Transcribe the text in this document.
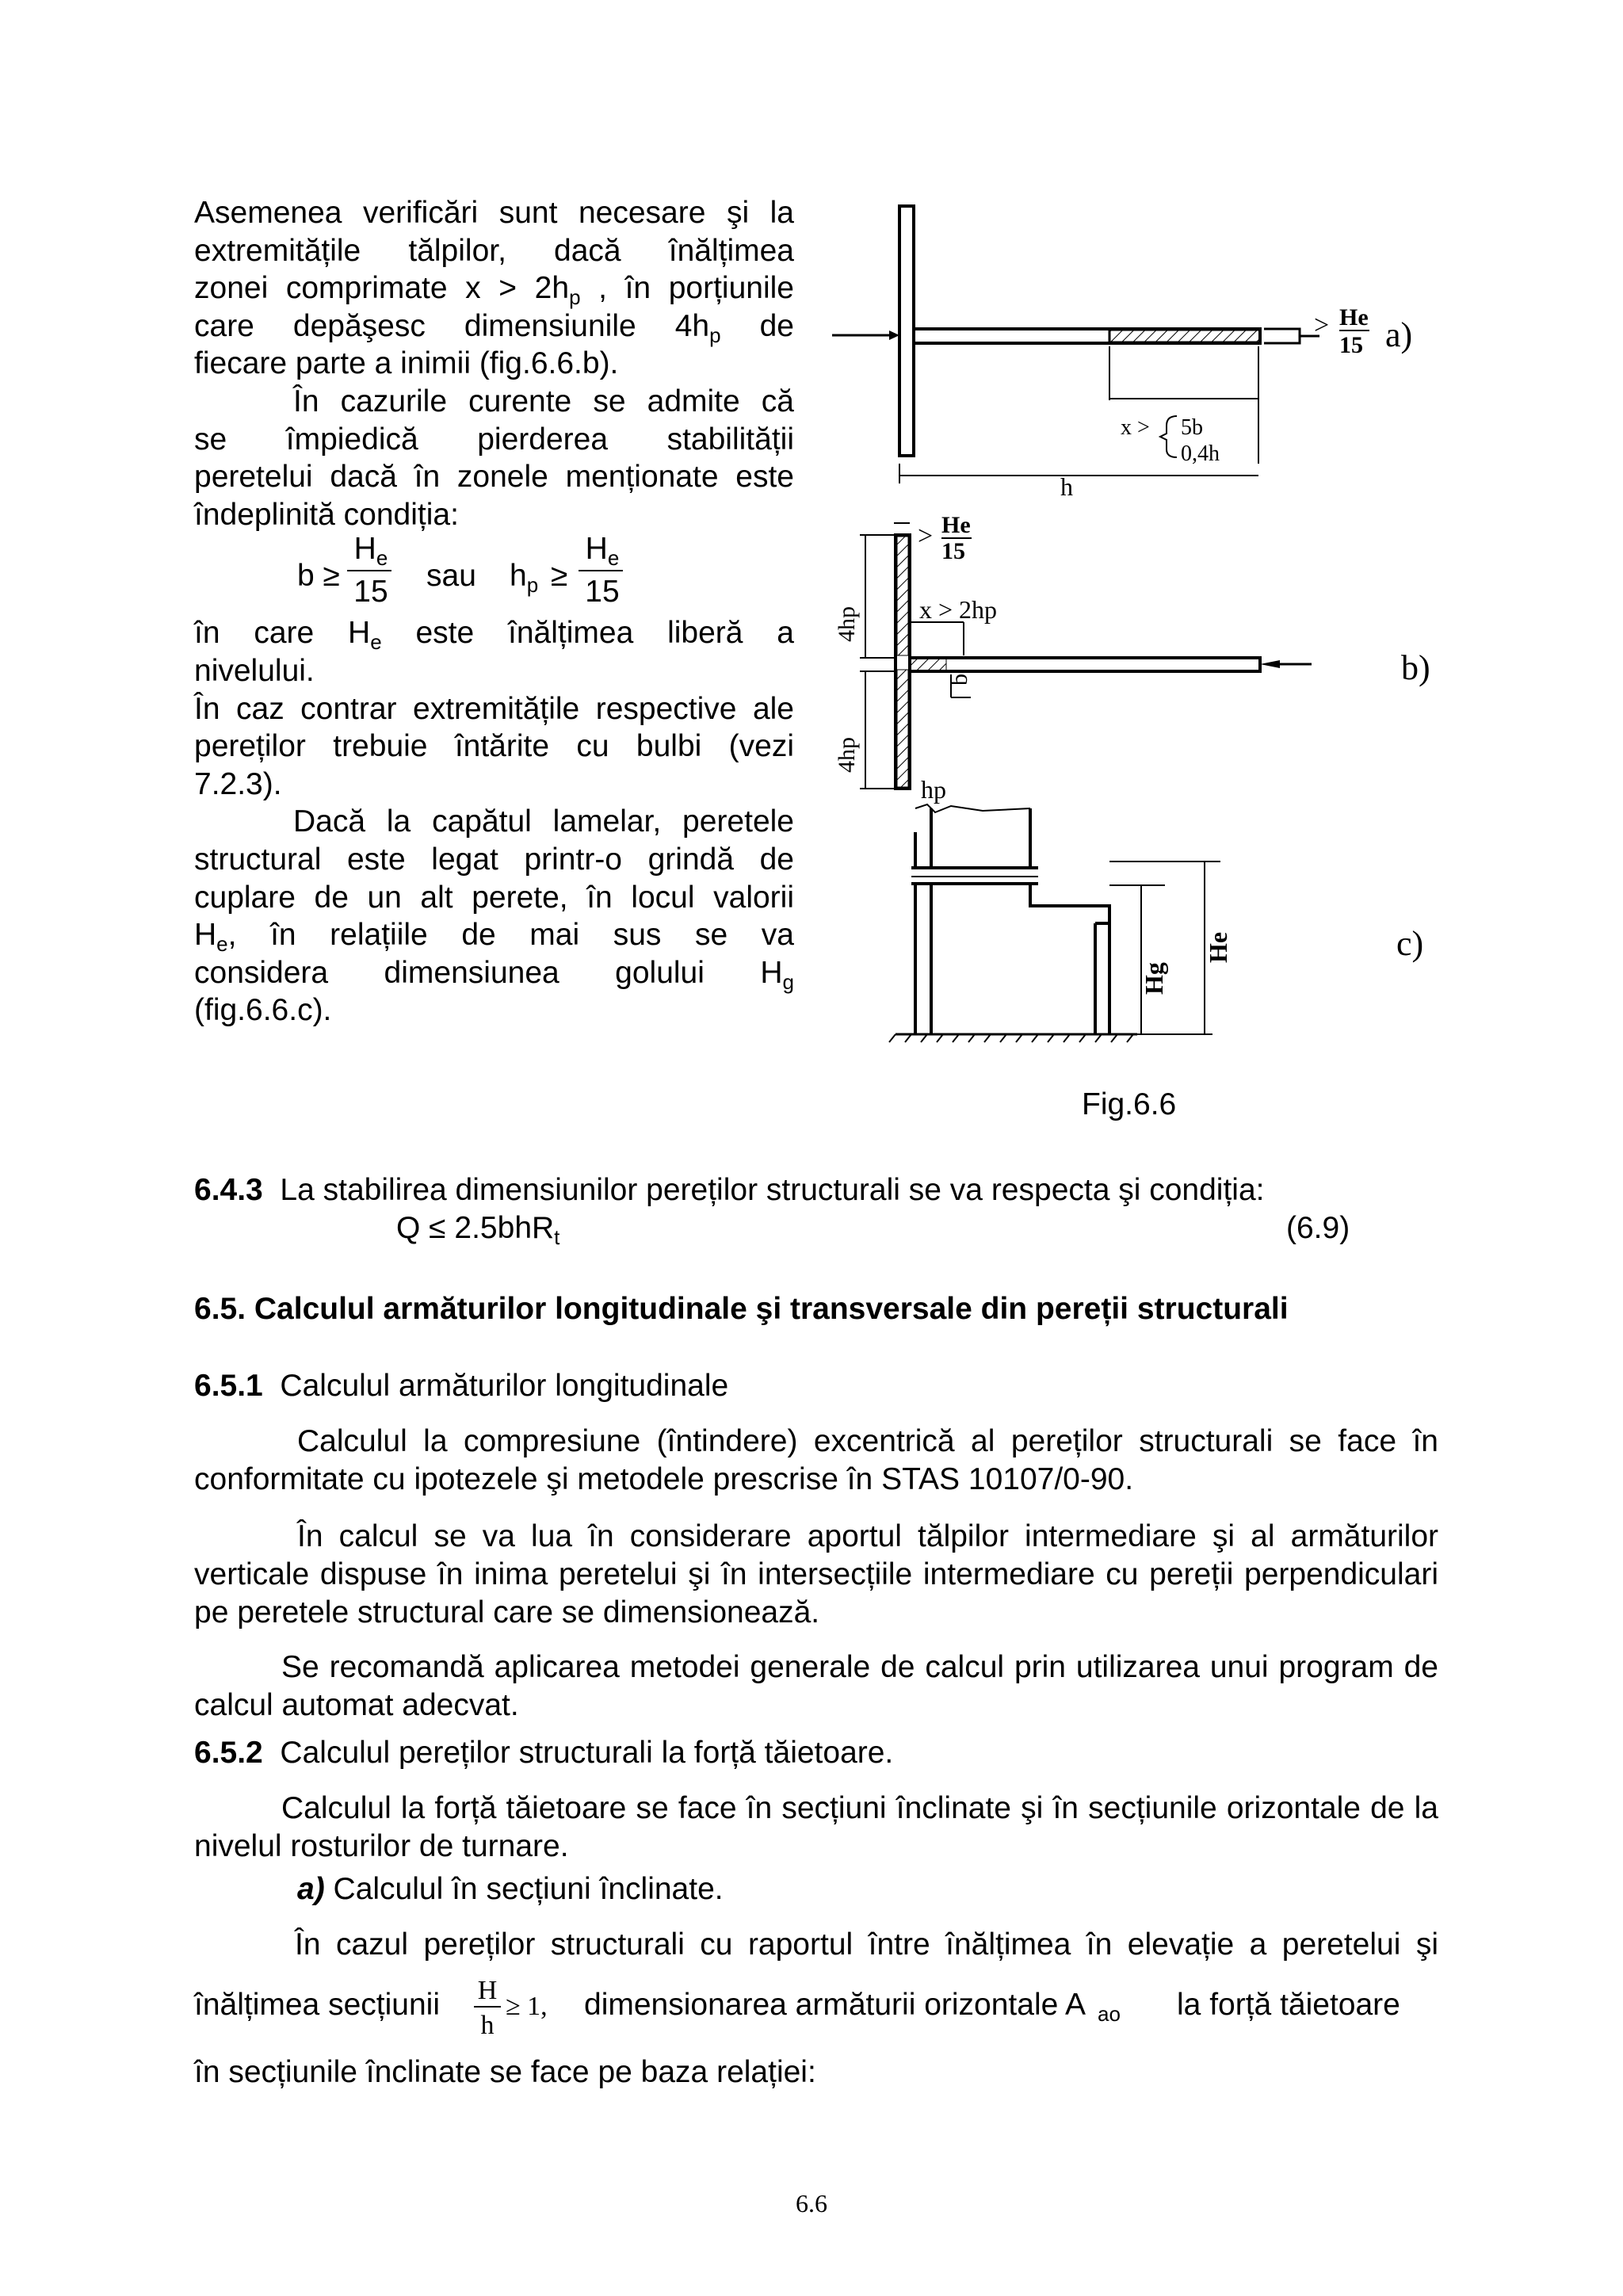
Asemenea verificări sunt necesare şi la

extremitățile tălpilor, dacă înălțimea

zonei comprimate $x > 2h_p$ , în porțiunile

care depăşesc dimensiunile $4h_p$ de

fiecare parte a inimii (fig.6.6.b).

În cazurile curente se admite că

se împiedică pierderea stabilității

peretelui dacă în zonele menționate este

îndeplinită condiția:

b ≥
$H_e$
15 sau $h_p$ ≥
$H_e$
15

în care $H_e$ este înălțimea liberă a

nivelului.

În caz contrar extremitățile respective ale

pereților trebuie întărite cu bulbi (vezi

7.2.3).

Dacă la capătul lamelar, peretele

structural este legat printr-o grindă de

cuplare de un alt perete, în locul valorii

$H_e$, în relațiile de mai sus se va

considera dimensiunea golului $H_g$

(fig.6.6.c).

> He
15 a)
x > 5b
0,4h
h
> He
15
x > 2hp
hp
b)
4hp
4hp
b
Hg
He	c)
Fig.6.6
6.4.3 La stabilirea dimensiunilor pereților structurali se va respecta şi condiția:
Q ≤ 2.5bhR$_t$	(6.9)
6.5. Calculul armăturilor longitudinale şi transversale din pereții structurali
6.5.1 Calculul armăturilor longitudinale

Calculul la compresiune (întindere) excentrică al pereților structurali se face în conformitate cu ipotezele şi metodele prescrise în STAS 10107/0-90.

În calcul se va lua în considerare aportul tălpilor intermediare şi al armăturilor verticale dispuse în inima peretelui şi în intersecțiile intermediare cu pereții perpendiculari pe peretele structural care se dimensionează.

Se recomandă aplicarea metodei generale de calcul prin utilizarea unui program de calcul automat adecvat.

6.5.2 Calculul pereților structurali la forță tăietoare.

Calculul la forță tăietoare se face în secțiuni înclinate şi în secțiunile orizontale de la nivelul rosturilor de turnare.

a) Calculul în secțiuni înclinate.
În cazul pereților structurali cu raportul între înălțimea în elevație a peretelui şi
înălțimea secțiunii H
h
≥ 1, dimensionarea armăturii orizontale A $_{ao}$ la forță tăietoare
în secțiunile înclinate se face pe baza relației:
6.6
